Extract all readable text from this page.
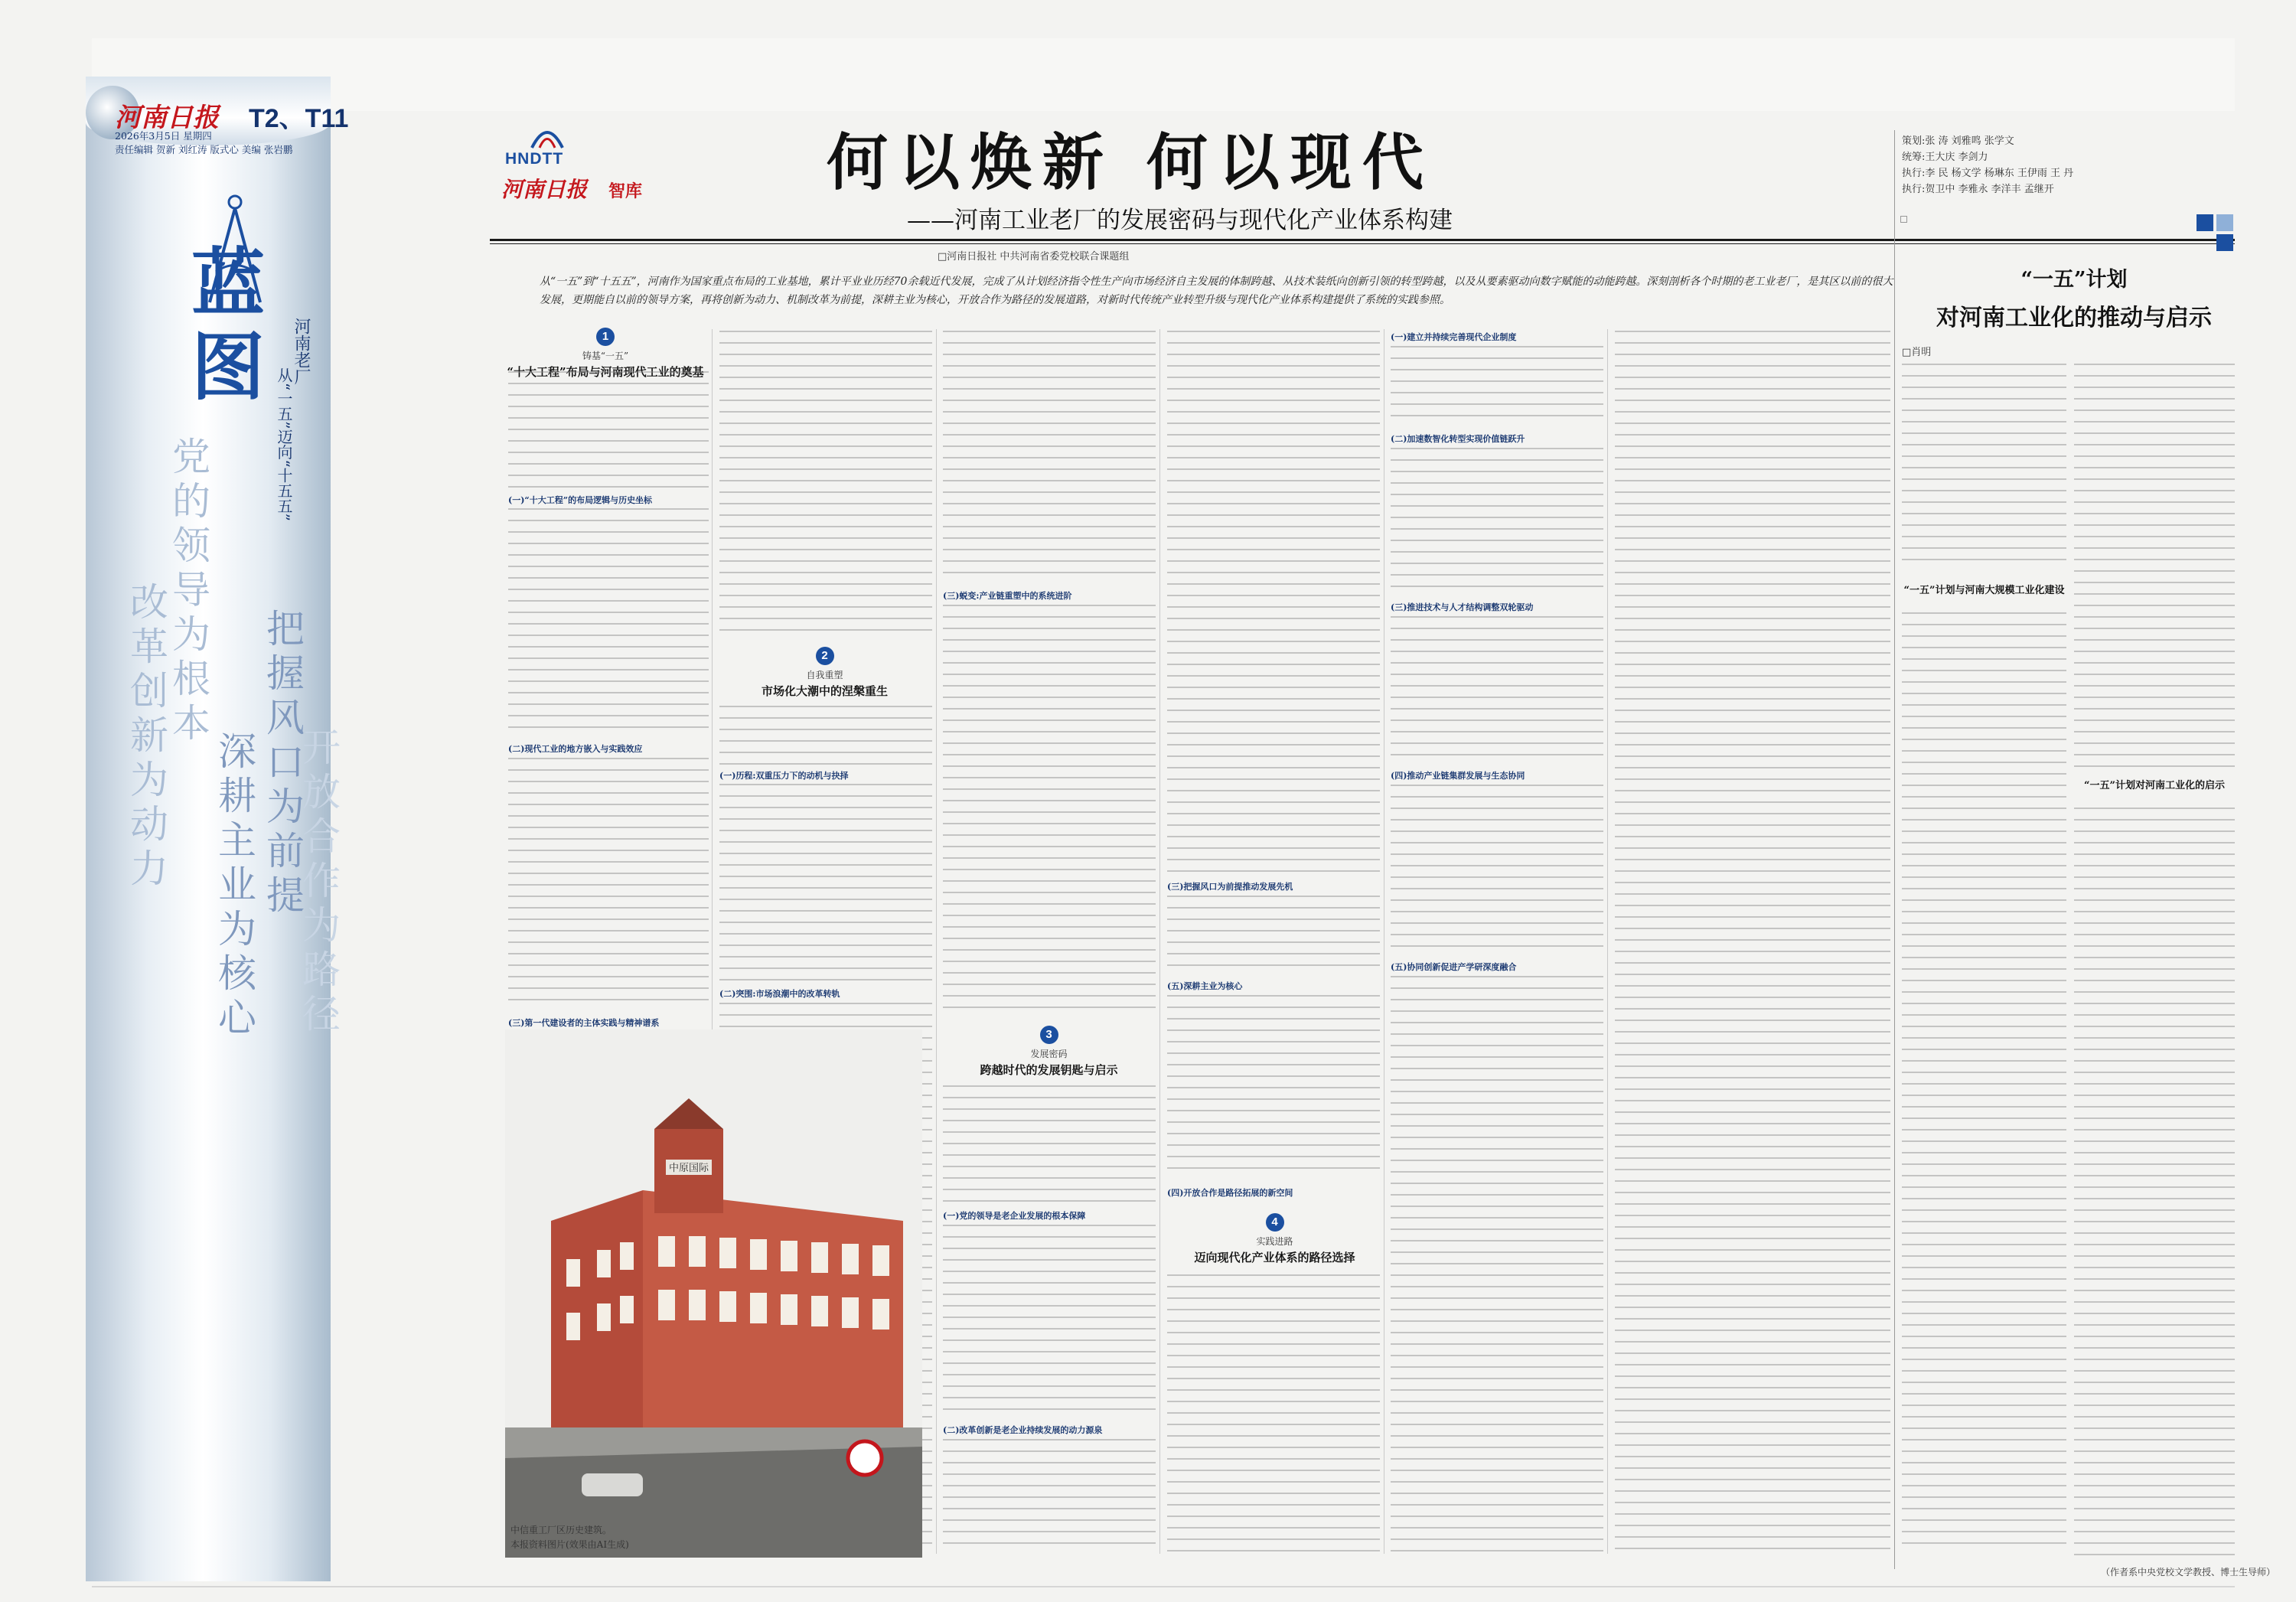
河南日报 T2、T11
2026年3月5日 星期四
责任编辑 贺新 刘红涛 版式心 美编 张岩鹏
蓝
图 河南老厂
从“一五”迈向“十五五”
开放合作为路径
把握风口为前提
深耕主业为核心
党的领导为根本
改革创新为动力
HNDTT
河南日报 智库	何以焕新 何以现代
——河南工业老厂的发展密码与现代化产业体系构建
□河南日报社 中共河南省委党校联合课题组
策划:张 涛 刘雅鸣 张学文
统筹:王大庆 李剑力
执行:李 民 杨文学 杨琳东 王伊雨 王 丹
执行:贺卫中 李雅永 李洋丰 孟继开
从“一五”到“十五五”，河南作为国家重点布局的工业基地，累计平业业历经70余载近代发展，完成了从计划经济指令性生产向市场经济自主发展的体制跨越、从技术装纸向创新引领的转型跨越，以及从要素驱动向数字赋能的动能跨越。深刻剖析各个时期的老工业老厂，是其区以前的很大发展，更期能自以前的领导方案，再将创新为动力、机制改革为前提，深耕主业为核心，开放合作为路径的发展道路，对新时代传统产业转型升级与现代化产业体系构建提供了系统的实践参照。
1
铸基“一五”
“十大工程”布局与河南现代工业的奠基
(一)“十大工程”的布局逻辑与历史坐标
(二)现代工业的地方嵌入与实践效应
(三)第一代建设者的主体实践与精神谱系
2
自我重塑
市场化大潮中的涅槃重生
(一)历程:双重压力下的动机与抉择
(二)突围:市场浪潮中的改革转轨
(三)蜕变:产业链重塑中的系统进阶
3
发展密码
跨越时代的发展钥匙与启示
(一)党的领导是老企业发展的根本保障
(二)改革创新是老企业持续发展的动力源泉
(三)把握风口为前提推动发展先机
(四)开放合作是路径拓展的新空间
(五)深耕主业为核心
4
实践进路
迈向现代化产业体系的路径选择
(一)建立并持续完善现代企业制度
(二)加速数智化转型实现价值链跃升
(三)推进技术与人才结构调整双轮驱动
(四)推动产业链集群发展与生态协同
(五)协同创新促进产学研深度融合
中原国际
中信重工厂区历史建筑。
本报资料图片(效果由AI生成)
“一五”计划
对河南工业化的推动与启示
□肖明
“一五”计划与河南大规模工业化建设
“一五”计划对河南工业化的启示
（作者系中央党校文学教授、博士生导师）
